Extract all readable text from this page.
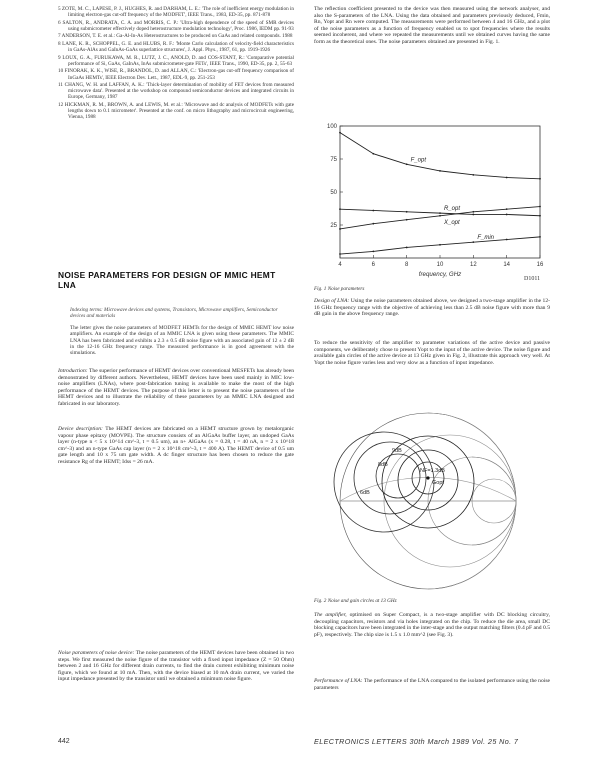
5 ZOTE, M. C., LAPESE, P. J., HUGHES, R. and DARHAM, L. E.: 'The role of inefficient energy modulation in limiting electron-gas cut-off frequency of the MODFET', IEEE Trans., 1983, ED-35, pp. 871-878
6 SALTON, R., ANDRATA, C. A. and MORRIS, C. P.: 'Ultra-high dependence of the speed of SMR devices using submicrometer effectively doped heterostructure modulation technology', Proc. 1986, IEDM pp. 91-93
7 ANDERSON, T. E. et al.: Ga-Al-In-As Heterostructures to be produced on GaAs and related compounds. 1988
8 LANE, K. R., SCHOPPEL, G. E. and HLUBS, R. F.: 'Monte Carlo calculation of velocity-field characteristics in GaAs-AlAs and GaInAs-GaAs superlattice structures', J. Appl. Phys., 1987, 61, pp. 1919-1926
9 LOUX, G. A., FURUKAWA, M. R., LUTZ, J. C., ANOLD, D. and COS-STANT, R.: 'Comparative potential performance of Si, GaAs, GaInAs, InAs submicrometer-gate FETs', IEEE Trans., 1990, ED-35, pp. 2, 55-63
10 FINORAK, K. K., WISE, R., BRANDOL, D. and ALLAN, C.: 'Electron-gas cut-off frequency comparison of InGaAs HEMTs', IEEE Electron Dev. Lett., 1987, EDL-9, pp. 251-253
11 CHANG, W. H. and LAFFAN, A. K.: 'Thick-layer determination of mobility of FET devices from measured microwave data'. Presented at the workshop on compound semiconductor devices and integrated circuits in Europe, Germany, 1987
12 HICKMAN, R. M., BROWN, A. and LEWIS, M. et al.: 'Microwave and dc analysis of MODFETs with gate lengths down to 0.1 micrometer'. Presented at the conf. on micro lithography and microcircuit engineering, Vienna, 1988
NOISE PARAMETERS FOR DESIGN OF MMIC HEMT LNA
Indexing terms: Microwave devices and systems, Transistors, Microwave amplifiers, Semiconductor devices and materials
The letter gives the noise parameters of MODFET HEMTs for the design of MMIC HEMT low noise amplifiers. An example of the design of an MMIC LNA is given using these parameters. The MMIC LNA has been fabricated and exhibits a 2.3 ± 0.5 dB noise figure with an associated gain of 12 ± 2 dB in the 12-16 GHz frequency range. The measured performance is in good agreement with the simulations.
Introduction: The superior performance of HEMT devices over conventional MESFETs has already been demonstrated by different authors. Nevertheless, HEMT devices have been used mainly in MIC low-noise amplifiers (LNAs), where post-fabrication tuning is available to make the most of the high performance of the HEMT devices. The purpose of this letter is to present the noise parameters of the HEMT devices and to illustrate the reliability of these parameters by an MMIC LNA designed and fabricated in our laboratory.
Device description: The HEMT devices are fabricated on a HEMT structure grown by metalorganic vapour phase epitaxy (MOVPE). The structure consists of an AlGaAs buffer layer, an undoped GaAs layer (n-type n < 5 x 10^14 cm^-3, t = 0.5 um), an n+ AlGaAs (x = 0.28, t = 40 nA, n = 2 x 10^18 cm^-3) and an n-type GaAs cap layer (n = 2 x 10^18 cm^-3, t = 400 A). The HEMT device of 0.5 um gate length and 10 x 75 um gate width. A dc finger structure has been chosen to reduce the gate resistance Rg of the HEMT; Idss = 26 mA.
Noise parameters of noise device: The noise parameters of the HEMT devices have been obtained in two steps. We first measured the noise figure of the transistor with a fixed input impedance (Z = 50 Ohm) between 2 and 16 GHz for different drain currents, to find the drain current exhibiting minimum noise figure, which we found at 10 mA. Then, with the device biased at 10 mA drain current, we varied the input impedance presented by the transistor until we obtained a minimum noise figure.
The reflection coefficient presented to the device was then measured using the network analyser, and also the S-parameters of the LNA. Using the data obtained and parameters previously deduced, Fmin, Rn, Yopt and Rn were computed. The measurements were performed between 4 and 16 GHz, and a plot of the noise parameters as a function of frequency enabled us to spot frequencies where the results seemed incoherent, and where we repeated the measurements until we obtained curves having the same form as the theoretical ones. The noise parameters obtained are presented in Fig. 1.
4	6	8	10	12	14	16
100
75
50
25
frequency, GHz
F_opt
R_opt
X_opt
F_min
Fig. 1 Noise parameters
D1011
Design of LNA: Using the noise parameters obtained above, we designed a two-stage amplifier in the 12-16 GHz frequency range with the objective of achieving less than 2.5 dB noise figure with more than 9 dB gain in the above frequency range.
To reduce the sensitivity of the amplifier to parameter variations of the active device and passive components, we deliberately chose to present Yopt to the input of the active device. The noise figure and available gain circles of the active device at 13 GHz given in Fig. 2, illustrate this approach very well. At Yopt the noise figure varies less and very slow as a function of input impedance.
NF=1.3dB
Gopt
6dB
8dB
9dB
Fig. 2 Noise and gain circles at 13 GHz
The amplifier, optimised on Super Compact, is a two-stage amplifier with DC blocking circuitry, decoupling capacitors, resistors and via holes integrated on the chip. To reduce the die area, small DC blocking capacitors have been integrated in the inter-stage and the output matching filters (0.4 pF and 0.5 pF), respectively. The chip size is 1.5 x 1.0 mm^2 (see Fig. 3).
Performance of LNA: The performance of the LNA compared to the isolated performance using the noise parameters
442	ELECTRONICS LETTERS 30th March 1989 Vol. 25 No. 7
